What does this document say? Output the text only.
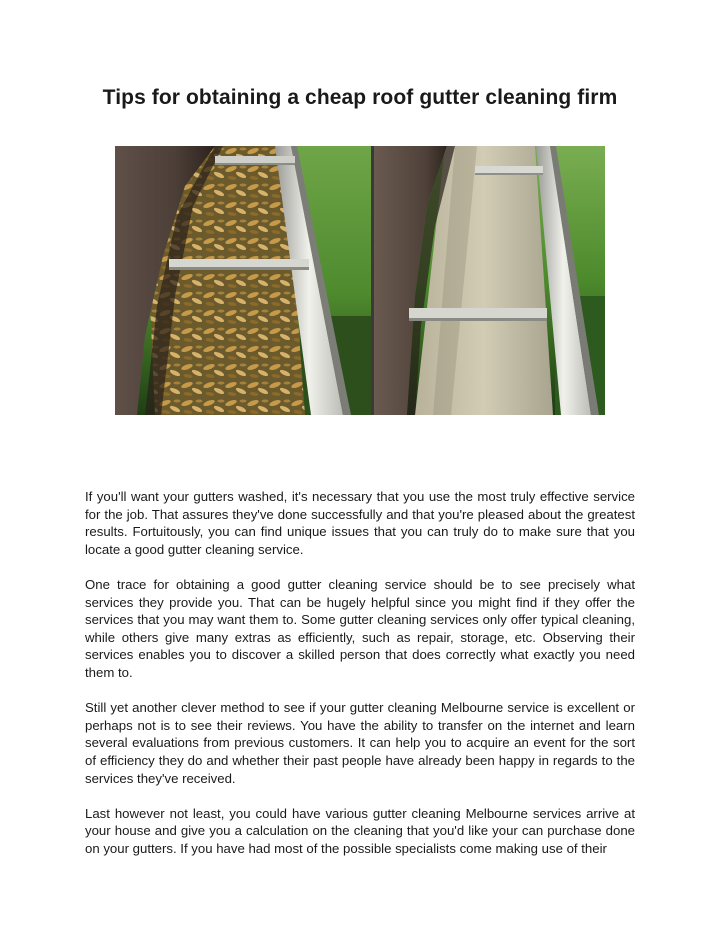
Tips for obtaining a cheap roof gutter cleaning firm

If you'll want your gutters washed, it's necessary that you use the most truly effective service for the job. That assures they've done successfully and that you're pleased about the greatest results. Fortuitously, you can find unique issues that you can truly do to make sure that you locate a good gutter cleaning service.

One trace for obtaining a good gutter cleaning service should be to see precisely what services they provide you. That can be hugely helpful since you might find if they offer the services that you may want them to. Some gutter cleaning services only offer typical cleaning, while others give many extras as efficiently, such as repair, storage, etc. Observing their services enables you to discover a skilled person that does correctly what exactly you need them to.

Still yet another clever method to see if your gutter cleaning Melbourne service is excellent or perhaps not is to see their reviews. You have the ability to transfer on the internet and learn several evaluations from previous customers. It can help you to acquire an event for the sort of efficiency they do and whether their past people have already been happy in regards to the services they've received.

Last however not least, you could have various gutter cleaning Melbourne services arrive at your house and give you a calculation on the cleaning that you'd like your can purchase done on your gutters. If you have had most of the possible specialists come making use of their
